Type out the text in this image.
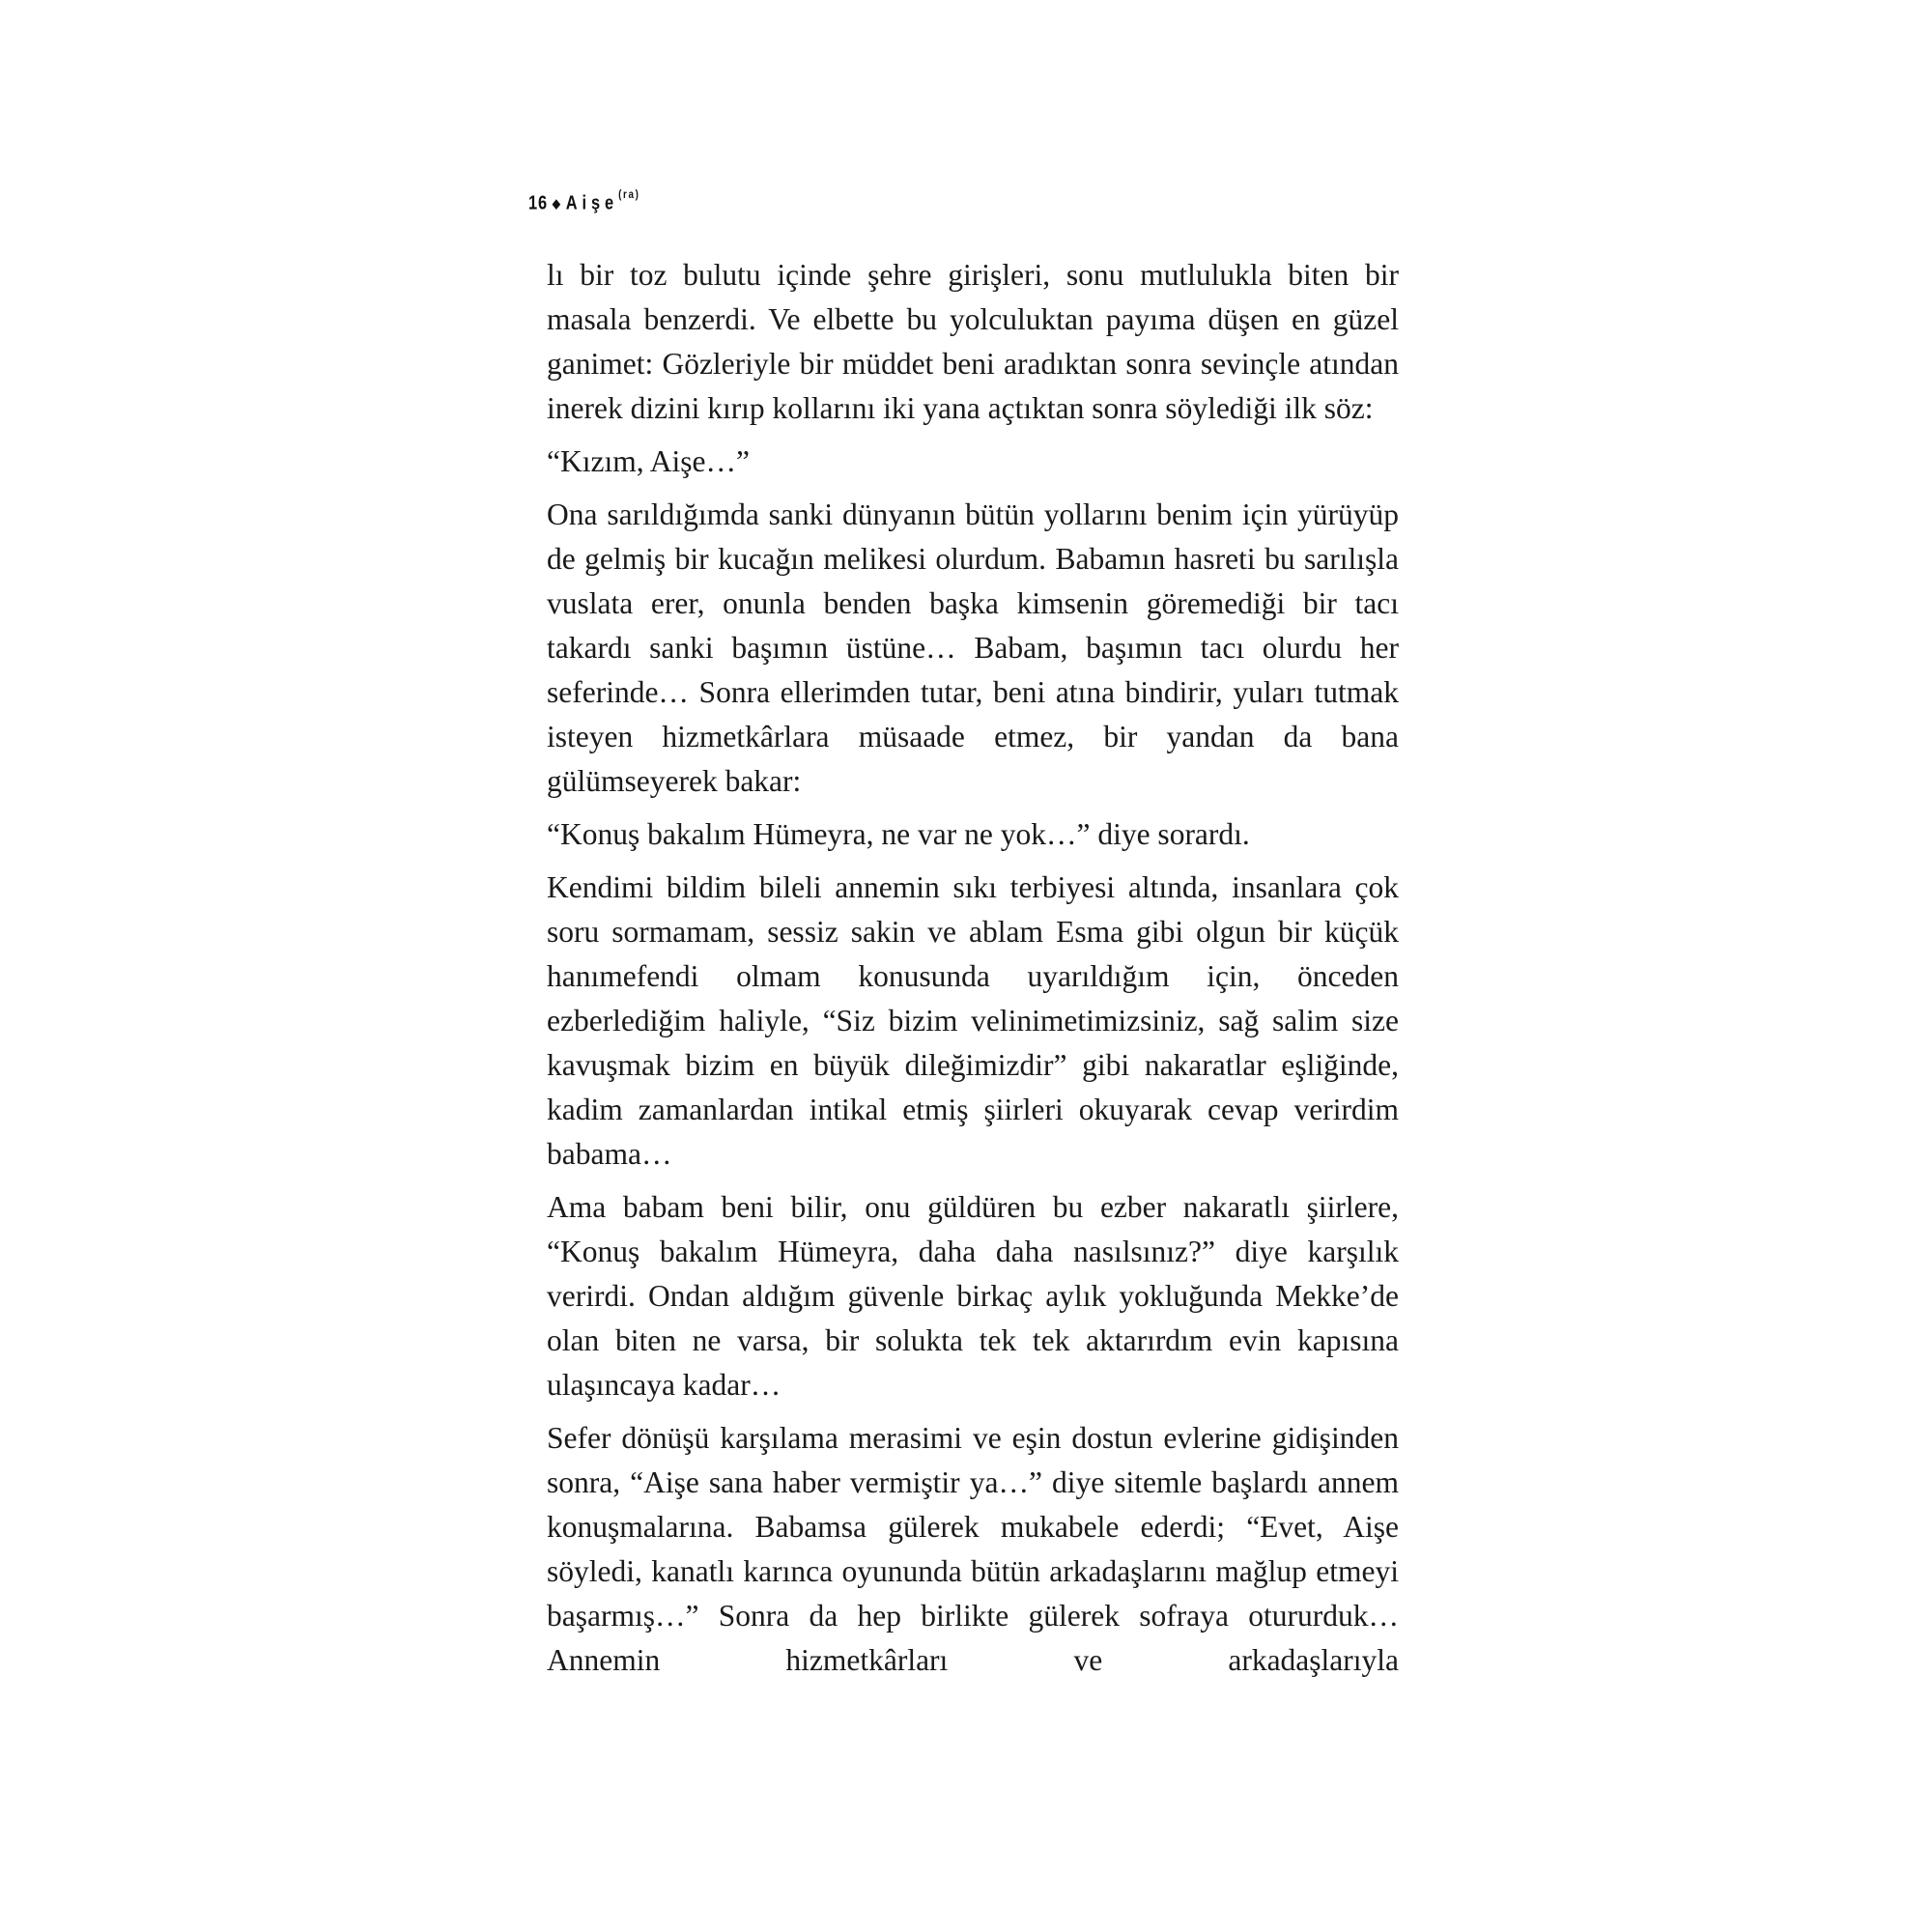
16 ◆ Aişe$^{(ra)}$

lı bir toz bulutu içinde şehre girişleri, sonu mutlulukla biten bir masala benzerdi. Ve elbette bu yolculuktan payıma düşen en güzel ganimet: Gözleriyle bir müddet beni aradıktan sonra sevinçle atından inerek dizini kırıp kollarını iki yana açtıktan sonra söylediği ilk söz:

“Kızım, Aişe…”

Ona sarıldığımda sanki dünyanın bütün yollarını benim için yürüyüp de gelmiş bir kucağın melikesi olurdum. Babamın hasreti bu sarılışla vuslata erer, onunla benden başka kimsenin göremediği bir tacı takardı sanki başımın üstüne… Babam, başımın tacı olurdu her seferinde… Sonra ellerimden tutar, beni atına bindirir, yuları tutmak isteyen hizmetkârlara müsaade etmez, bir yandan da bana gülümseyerek bakar:

“Konuş bakalım Hümeyra, ne var ne yok…” diye sorardı.

Kendimi bildim bileli annemin sıkı terbiyesi altında, insanlara çok soru sormamam, sessiz sakin ve ablam Esma gibi olgun bir küçük hanımefendi olmam konusunda uyarıldığım için, önceden ezberlediğim haliyle, “Siz bizim velinimetimizsiniz, sağ salim size kavuşmak bizim en büyük dileğimizdir” gibi nakaratlar eşliğinde, kadim zamanlardan intikal etmiş şiirleri okuyarak cevap verirdim babama…

Ama babam beni bilir, onu güldüren bu ezber nakaratlı şiirlere, “Konuş bakalım Hümeyra, daha daha nasılsınız?” diye karşılık verirdi. Ondan aldığım güvenle birkaç aylık yokluğunda Mekke’de olan biten ne varsa, bir solukta tek tek aktarırdım evin kapısına ulaşıncaya kadar…

Sefer dönüşü karşılama merasimi ve eşin dostun evlerine gidişinden sonra, “Aişe sana haber vermiştir ya…” diye sitemle başlardı annem konuşmalarına. Babamsa gülerek mukabele ederdi; “Evet, Aişe söyledi, kanatlı karınca oyununda bütün arkadaşlarını mağlup etmeyi başarmış…” Sonra da hep birlikte gülerek sofraya otururduk… Annemin hizmetkârları ve arkadaşlarıyla
